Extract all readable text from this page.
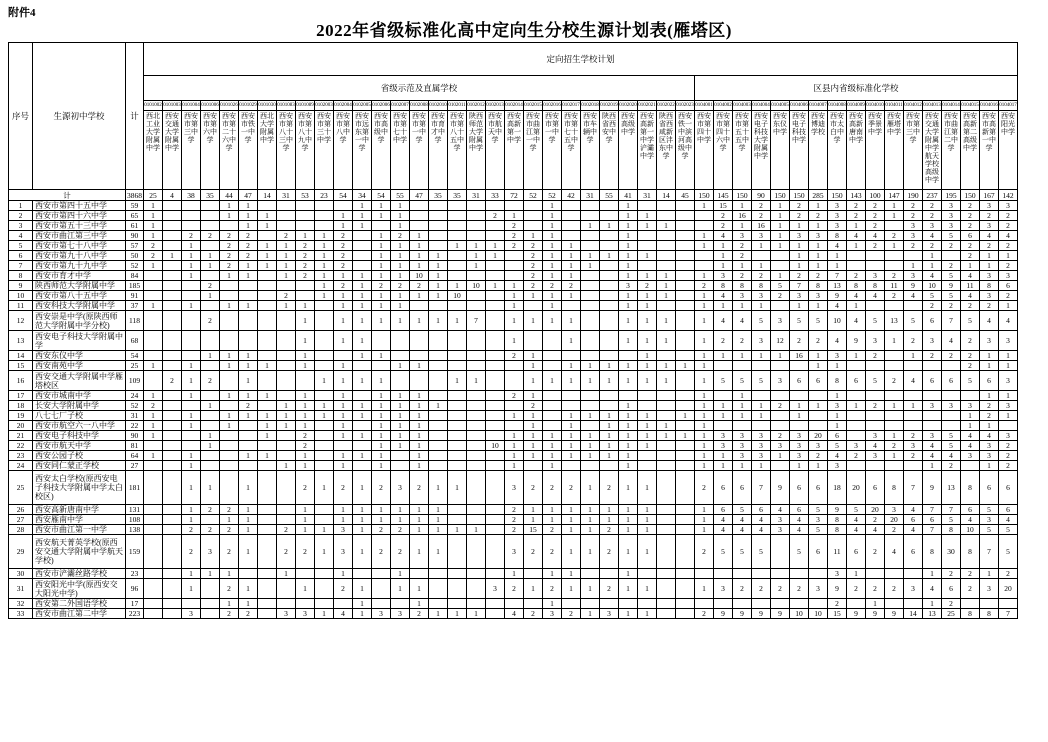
附件4
2022年省级标准化高中定向生分校生源计划表(雁塔区)
序号	生源初中学校	计	定向招生学校计划																																													
			省级示范及直属学校																													区县内省级标准化学校																
			0101002	0101003	0101004	0101006	0101026	0101029	0101030	0101083	0101089	0102003	0102004	0102005	0102006	0102007	0102008	0102010	0102011	0102012	0102013	0102014	0102015	0102016	0102017	0102018	0102019	0102020	0102021	0102022	0102023	0104001	0104002	0104003	0104004	0104005	0104006	0104007	0104008	0104009	0104010	0104011	0104012	0104013	0104014	0104015	0104016	0104017

			西北工业大学附属中学	西安交通大学附属中学	西安市第三中学	西安市第六中学	西安市第二十六中学	西安市铁一中学	西北大学附属中学	西安市第八十三中学	西安市第八十九中学	西安市第三十中学	西安市第八中学	西安市远东第一中学	西安市高级中学	西安市第七十中学	西安市第一中学	西安市育才中学	西安市第八十五中学	陕西师范大学附属中学	西安市航天中学	西安高新第一中学	西安市曲江第一中学	西安市第一中学	西安市第七十五中学	西安市车辆中学	陕西省西安中学	西安高级中学	西安高新第一中学浐灞中学	陕西省西咸新区沣东中学	西安铁一中滨河高级中学	西安市第四十中学	西安市第四十六中学	西安市第五十五中学	西安电子科技大学附属中学	西安东仪中学	西安电子科技中学	西安博迪学校	西安市太白中学	西安高新唐南中学	西安季景中学	西安雁塔中学	西安市第三中学	西安交通大学附属中学航天学校高级中学	西安市曲江第二中学	西安高新第二高级中学	西安市高新第一中学	西安阳光中学

计		3868	25	4	38	35	44	47	14	31	53	23	54	34	54	55	47	35	35	31	33	72	52	52	42	31	55	41	31	14	45	150	145	150	90	150	150	285	150	143	100	147	190	237	195	150	167	142
1	西安市第四十五中学	59	1				1	1						1	1	1								1				1				1	15	1	2	1	2	1	3	2	2	1	2	2	3	2	3	3
2	西安市第四十六中学	65	1				1	1	1				1	1	1	1					2	1		1				1	1				2	16	2	1	2	2	3	2	2	1	2	2	3	2	2	2
3	西安市第五十三中学	61	1					1	1				1	1		1						2		1		1	1	1	1	1			2	1	16	1	1	1	3	1	2		3	3	3	2	3	2
4	西安市曲江第三中学	90	1		2	2	2	2		2	1	1	2		1	2	1					2	1	1				1				1	4	3	3	1	3	3	8	4	4	2	3	4	5	6	4	4
5	西安市第七十八中学	57	2		1		2	2	1	1	2	1	2		1	1	1		1	1	1	2	2	1	1			1				1	1	2	1	1	1	1	4	1	2	1	2	2	2	2	2	2
6	西安市第九十八中学	50	2	1	1	1	2	2	1	1	2	1	2		1	1	1	1		1	1		2	1	1	1	1	1	1				1	2			1	1	1					1		2	1	1
7	西安市第九十九中学	52	1		1	1	2	1	1	1	2	1	2		1	1	1	1		1			2	1	1	1		1					1	1	1		1	1	1				1	1	2	1	1	2
8	西安市育才中学	84			1		1	1		1	2	1	1	1	1	1	10	1					2	1	1			1	1	1		1	3	2	2	1	2	2	7	2	3	2	3	4	5	4	3	3
9	陕西师范大学附属中学	185				2						1	2	1	2	2	2	1	1	10	1	1	2	2	2			3	2	1		2	8	8	8	5	7	8	13	8	8	11	9	10	9	11	8	6
10	西安市第八十五中学	91				1				2		1	1	1	1	1	1	1	10			1	1	1	1			1	1	1		1	4	3	3	2	3	3	9	4	4	2	4	5	5	4	3	2
11	西安科技大学附属中学	37	1		1		1	1		1	1		1	1	1	1						1		1				1	1			1	1	1	1		1	1	4	1				2	2	2	2	1
12	西安崇是中学(原陕西师范大学附属中学分校)	118				2					1		1	1	1	1	1	1	1	7		1	1	1	1			1	1	1		1	4	4	5	3	5	5	10	4	5	13	5	6	7	5	4	4
13	西安电子科技大学附属中学	68									1		1	1								1			1			1	1	1		1	2	2	3	12	2	2	4	9	3	1	2	3	4	2	3	3
14	西安东仪中学	54				1	1	1			1			1	1							2	1						1			1	1	1	1	1	16	1	3	1	2		1	2	2	2	1	1
15	西安南苑中学	25	1		1		1	1	1		1		1			1	1						1		1	1	1	1	1	1	1	1						1	1							2	1	1
16	西安交通大学附属中学雁塔校区	109		2	1	2		1				1	1	1	1				1	1			1	1	1	1	1	1	1	1		1	5	5	5	3	6	6	8	6	5	2	4	6	6	5	6	3
17	西安市城南中学	24	1		1		1	1	1		1		1		1	1	1					2	1									1		1					1								1	1
18	长安大学附属中学	52	2			1		2		1	1	1	1	1	1	1	1	1					2					1				1	1	1	1	2	1	1	3	1	2	1	1	3	3	3	2	3
19	八七七厂子校	31	1		1		1	1	1	1	1	1	1	1	1	1	1					1	1		1	1	1	1	1		1	1	1	1	1		1		1							1	2	1
20	西安市航空六一八中学	22	1		1		1		1	1	1		1		1	1	1						1		1		1	1	1	1		1							1							1	1	
21	西安电子科技中学	90	1			1			1		2		1	1	1	1	1					1	1	1	1	1	1	1	1	1	1	1	3	3	3	2	3	20	6		3	1	2	3	5	4	4	3
22	西安市航天中学	81				1					2				1	1	1				10	1	1	1	1	1	1	1	1			1	3	3	3	3	3	3	5	3	4	2	3	4	5	4	3	2
23	西安公园子校	64	1		1			1	1		1		1	1	1		1					1	1	1	1	1	1	1				1	1	3	3	1	3	2	4	2	3	1	2	4	4	3	3	2
24	西安同仁蒙正学校	27			1					1	1		1		1		1					1		1				1				1	1	1	1		1	1	3					1	2		1	2
25	西安太白学校(原西安电子科技大学附属中学太白校区)	181			1	1		1			2	1	2	1	2	3	2	1	1			3	2	2	2	1	2	1	1			2	6	6	7	9	6	6	18	20	6	8	7	9	13	8	6	6
26	西安高新唐南中学	131			1	2	2	1			1		1	1	1	1	1	1				2	1	1	1	1	1	1	1			1	6	5	6	4	6	5	9	5	20	3	4	7	7	6	5	6
27	西安雁南中学	108			1		1	1			1		1	1	1	1	1	1				2	1	1	1	1	1	1	1			1	4	4	4	3	4	3	8	4	2	20	6	6	5	4	3	4
28	西安市曲江第一中学	138			2	2	2	1		2	1	1	3	1	2	2	1	1	1	1		2	15	2	1	1	2	1	1			1	4	4	4	3	4	5	8	4	4	2	4	7	8	10	5	5
29	西安航天菁英学校(原西安交通大学附属中学航天学校)	159			2	3	2	1		2	2	1	3	1	2	2	1	1				3	2	2	1	1	2	1	1			2	5	5	5		5	6	11	6	2	4	6	8	30	8	7	5
30	西安市浐灞丝路学校	23			1	1	1			1			1			1						1		1	1			1											3	1				1	2	2	1	2
31	西安阳光中学(原西安交大阳光中学)	96			1		2	1			1		2	1		1	1				3	2	1	2	1	1	2	1	1			1	3	2	2	2	2	3	9	2	2	2	3	4	6	2	3	20
32	西安第二外国语学校	17					1	1						1			1							1															2		1			1	2			
33	西安市曲江第二中学	223			3		2	2		3	3	1	4	1	3	3	2	1	1	1		4	2	3	2	1	3	1	1			2	9	9	9	9	10	10	15	9	9	9	14	13	25	8	8	7
